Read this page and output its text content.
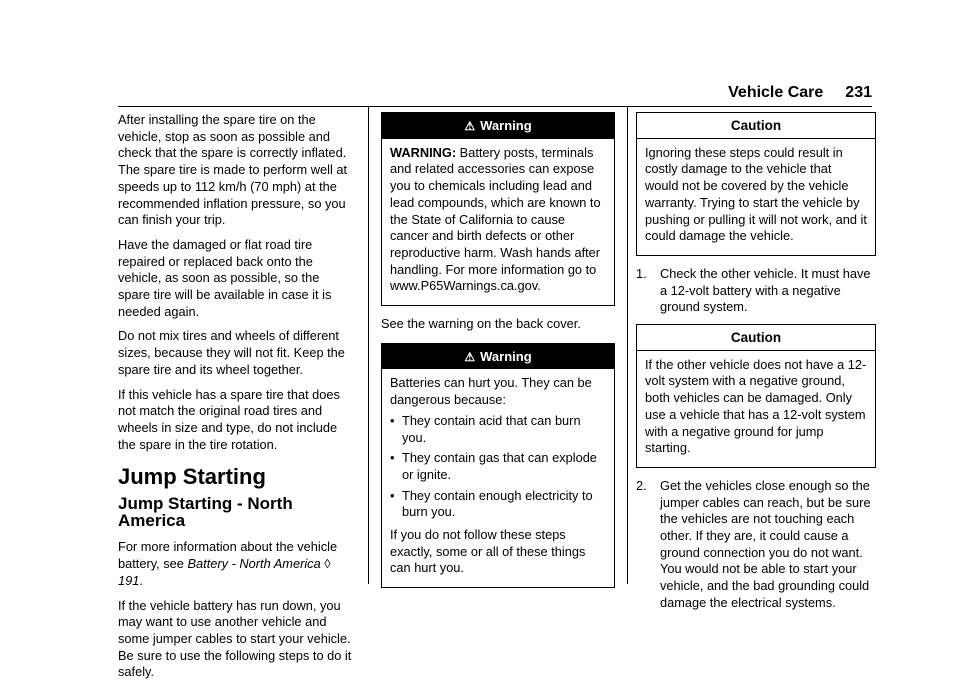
Vehicle Care 231

After installing the spare tire on the vehicle, stop as soon as possible and check that the spare is correctly inflated. The spare tire is made to perform well at speeds up to 112 km/h (70 mph) at the recommended inflation pressure, so you can finish your trip.

Have the damaged or flat road tire repaired or replaced back onto the vehicle, as soon as possible, so the spare tire will be available in case it is needed again.

Do not mix tires and wheels of different sizes, because they will not fit. Keep the spare tire and its wheel together.

If this vehicle has a spare tire that does not match the original road tires and wheels in size and type, do not include the spare in the tire rotation.

Jump Starting
Jump Starting - North America

For more information about the vehicle battery, see Battery - North America ◊ 191.

If the vehicle battery has run down, you may want to use another vehicle and some jumper cables to start your vehicle. Be sure to use the following steps to do it safely.

⚠ Warning

WARNING: Battery posts, terminals and related accessories can expose you to chemicals including lead and lead compounds, which are known to the State of California to cause cancer and birth defects or other reproductive harm. Wash hands after handling. For more information go to www.P65Warnings.ca.gov.

See the warning on the back cover.

⚠ Warning

Batteries can hurt you. They can be dangerous because:

• They contain acid that can burn you.
• They contain gas that can explode or ignite.
• They contain enough electricity to burn you.

If you do not follow these steps exactly, some or all of these things can hurt you.

Caution

Ignoring these steps could result in costly damage to the vehicle that would not be covered by the vehicle warranty. Trying to start the vehicle by pushing or pulling it will not work, and it could damage the vehicle.

1. Check the other vehicle. It must have a 12-volt battery with a negative ground system.
Caution

If the other vehicle does not have a 12-volt system with a negative ground, both vehicles can be damaged. Only use a vehicle that has a 12-volt system with a negative ground for jump starting.

2. Get the vehicles close enough so the jumper cables can reach, but be sure the vehicles are not touching each other. If they are, it could cause a ground connection you do not want. You would not be able to start your vehicle, and the bad grounding could damage the electrical systems.
